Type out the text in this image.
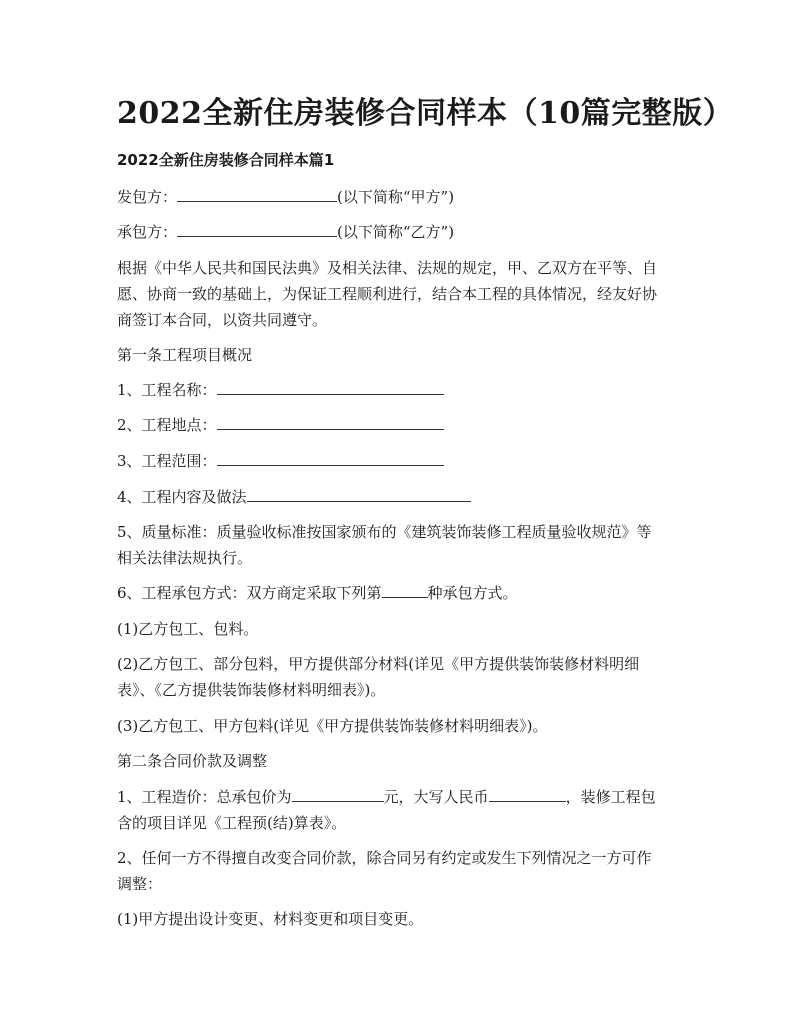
2022全新住房装修合同样本（10篇完整版）

2022全新住房装修合同样本篇1

发包方：	(以下简称“甲方”)

承包方：	(以下简称“乙方”)

根据《中华人民共和国民法典》及相关法律、法规的规定，甲、乙双方在平等、自

愿、协商一致的基础上，为保证工程顺利进行，结合本工程的具体情况，经友好协

商签订本合同，以资共同遵守。

第一条工程项目概况

1、工程名称：

2、工程地点：

3、工程范围：

4、工程内容及做法

5、质量标准：质量验收标准按国家颁布的《建筑装饰装修工程质量验收规范》等

相关法律法规执行。

6、工程承包方式：双方商定采取下列第	种承包方式。

(1)乙方包工、包料。

(2)乙方包工、部分包料，甲方提供部分材料(详见《甲方提供装饰装修材料明细

表》、《乙方提供装饰装修材料明细表》)。

(3)乙方包工、甲方包料(详见《甲方提供装饰装修材料明细表》)。

第二条合同价款及调整

1、工程造价：总承包价为	元，大写人民币	，装修工程包

含的项目详见《工程预(结)算表》。

2、任何一方不得擅自改变合同价款，除合同另有约定或发生下列情况之一方可作

调整：

(1)甲方提出设计变更、材料变更和项目变更。
